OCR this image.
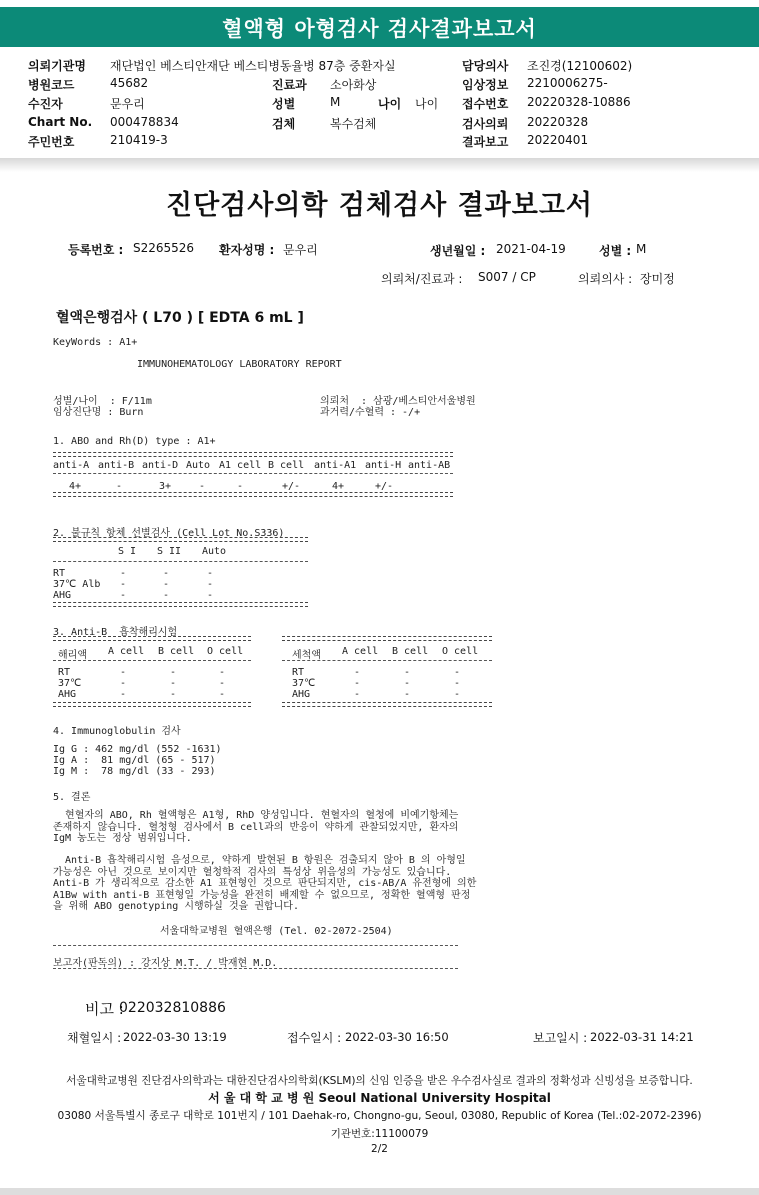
혈액형 아형검사 검사결과보고서
의뢰기관명 재단법인 베스티안재단 베스티병동율병 87층 중환자실
병원코드	45682
수진자	문우리
Chart No. 000478834
주민번호	210419-3
진료과 소아화상
성별	M	나이 나이
검체	복수검체
담당의사 조진경(12100602)
임상정보 2210006275-
접수번호 20220328-10886
검사의뢰 20220328
결과보고 20220401
진단검사의학 검체검사 결과보고서
등록번호 : S2265526 환자성명 : 문우리	생년월일 : 2021-04-19	성별 : M
의뢰처/진료과 : S007 / CP	의뢰의사 : 장미정
혈액은행검사 ( L70 ) [ EDTA 6 mL ]
KeyWords : A1+
IMMUNOHEMATOLOGY LABORATORY REPORT
성별/나이  : F/11m
임상진단명 : Burn
의뢰처  : 삼광/베스티안서울병원
과거력/수혈력 : -/+
1. ABO and Rh(D) type : A1+
anti-A anti-B anti-D Auto A1 cell B cell anti-A1 anti-H anti-AB
4+	-	3+	-	-	+/-	4+	+/-
2. 불규칙 항체 선별검사 (Cell Lot No.S336)
S I S II Auto
RT	-	-	-
37℃ Alb -	-	-
AHG	-	-	-
3. Anti-B  흡착해리시험
해리액 A cell B cell O cell	세척액 A cell B cell O cell
RT	-	-	-	RT	-	-	-
37℃	-	-	-	37℃	-	-	-
AHG	-	-	-	AHG	-	-	-
4. Immunoglobulin 검사
Ig G : 462 mg/dl (552 -1631)
Ig A :  81 mg/dl (65 - 517)
Ig M :  78 mg/dl (33 - 293)
5. 결론
현혈자의 ABO, Rh 혈액형은 A1형, RhD 양성입니다. 현혈자의 혈청에 비예기항체는
존재하지 않습니다. 혈청형 검사에서 B cell과의 반응이 약하게 관찰되었지만, 환자의
IgM 농도는 정상 범위입니다.
Anti-B 흡착해리시험 음성으로, 약하게 발현된 B 항원은 검출되지 않아 B 의 아형일
가능성은 아닌 것으로 보이지만 혈청학적 검사의 특성상 위음성의 가능성도 있습니다.
Anti-B 가 생리적으로 감소한 A1 표현형인 것으로 판단되지만, cis-AB/A 유전형에 의한
A1Bw with anti-B 표현형일 가능성을 완전히 배제할 수 없으므로, 정확한 혈액형 판정
을 위해 ABO genotyping 시행하실 것을 권합니다.
서울대학교병원 혈액은행 (Tel. 02-2072-2504)
보고자(판독의) : 강지상 M.T. / 박재현 M.D.
비고 :
022032810886
채혈일시 : 2022-03-30 13:19	접수일시 : 2022-03-30 16:50	보고일시 : 2022-03-31 14:21
서울대학교병원 진단검사의학과는 대한진단검사의학회(KSLM)의 신임 인증을 받은 우수검사실로 결과의 정확성과 신빙성을 보증합니다.
서 울 대 학 교 병 원 Seoul National University Hospital
03080 서울특별시 종로구 대학로 101번지 / 101 Daehak-ro, Chongno-gu, Seoul, 03080, Republic of Korea (Tel.:02-2072-2396)
기관번호:11100079
2/2
